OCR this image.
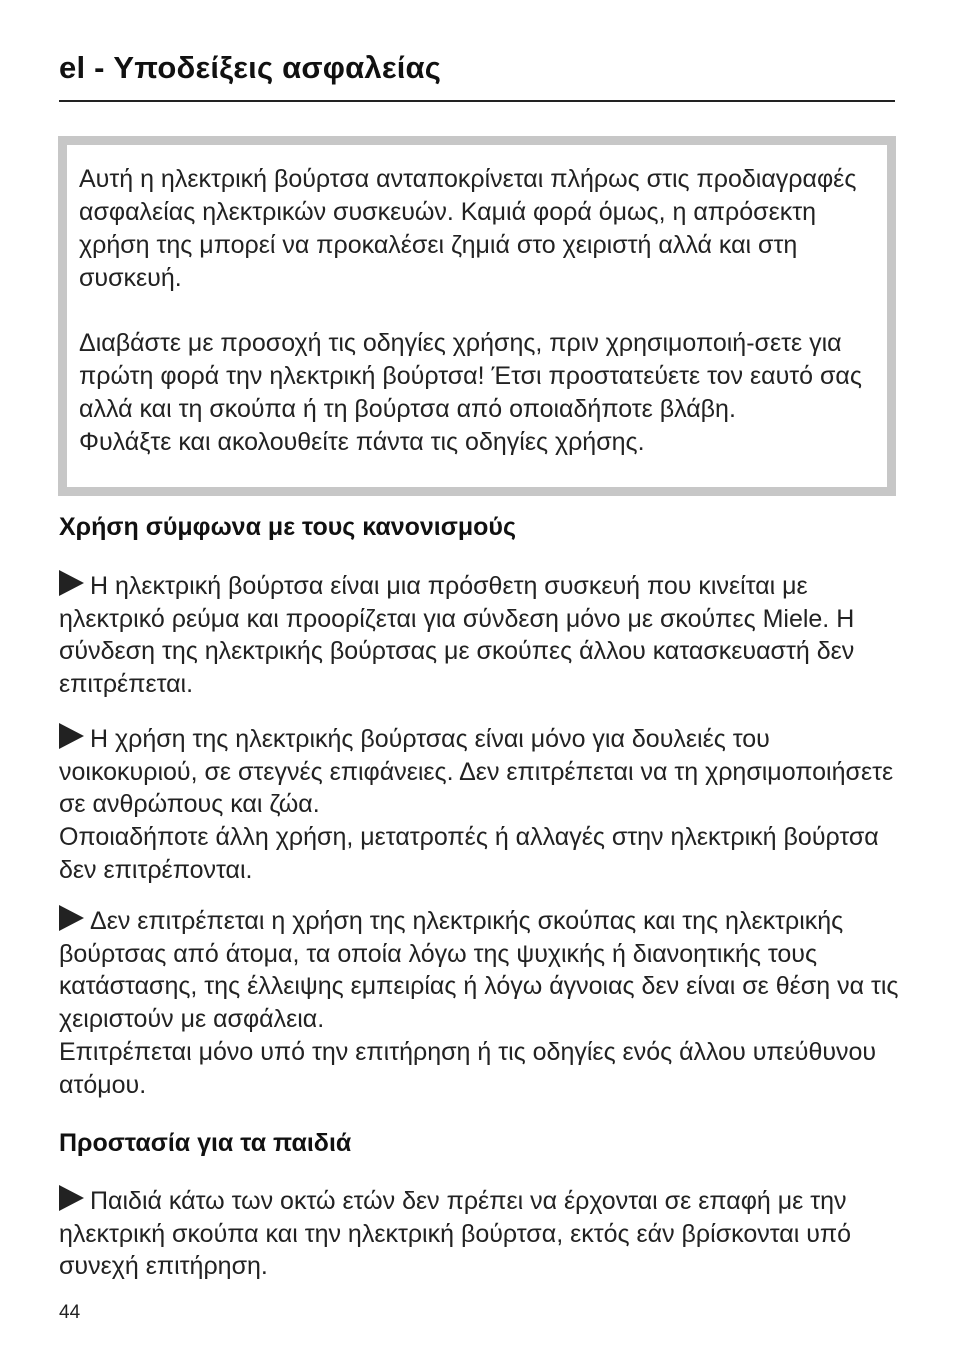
el - Υποδείξεις ασφαλείας

Αυτή η ηλεκτρική βούρτσα ανταποκρίνεται πλήρως στις προδιαγραφές ασφαλείας ηλεκτρικών συσκευών. Καμιά φορά όμως, η απρόσεκτη χρήση της μπορεί να προκαλέσει ζημιά στο χειριστή αλλά και στη συσκευή.

Διαβάστε με προσοχή τις οδηγίες χρήσης, πριν χρησιμοποιή-σετε για πρώτη φορά την ηλεκτρική βούρτσα! Έτσι προστατεύετε τον εαυτό σας αλλά και τη σκούπα ή τη βούρτσα από οποιαδήποτε βλάβη.
Φυλάξτε και ακολουθείτε πάντα τις οδηγίες χρήσης.

Χρήση σύμφωνα με τους κανονισμούς

Η ηλεκτρική βούρτσα είναι μια πρόσθετη συσκευή που κινείται με ηλεκτρικό ρεύμα και προορίζεται για σύνδεση μόνο με σκούπες Miele. Η σύνδεση της ηλεκτρικής βούρτσας με σκούπες άλλου κατασκευαστή δεν επιτρέπεται.

Η χρήση της ηλεκτρικής βούρτσας είναι μόνο για δουλειές του νοικοκυριού, σε στεγνές επιφάνειες. Δεν επιτρέπεται να τη χρησιμοποιήσετε σε ανθρώπους και ζώα.
Οποιαδήποτε άλλη χρήση, μετατροπές ή αλλαγές στην ηλεκτρική βούρτσα δεν επιτρέπονται.

Δεν επιτρέπεται η χρήση της ηλεκτρικής σκούπας και της ηλεκτρικής βούρτσας από άτομα, τα οποία λόγω της ψυχικής ή διανοητικής τους κατάστασης, της έλλειψης εμπειρίας ή λόγω άγνοιας δεν είναι σε θέση να τις χειριστούν με ασφάλεια.
Επιτρέπεται μόνο υπό την επιτήρηση ή τις οδηγίες ενός άλλου υπεύθυνου ατόμου.

Προστασία για τα παιδιά

Παιδιά κάτω των οκτώ ετών δεν πρέπει να έρχονται σε επαφή με την ηλεκτρική σκούπα και την ηλεκτρική βούρτσα, εκτός εάν βρίσκονται υπό συνεχή επιτήρηση.

44
